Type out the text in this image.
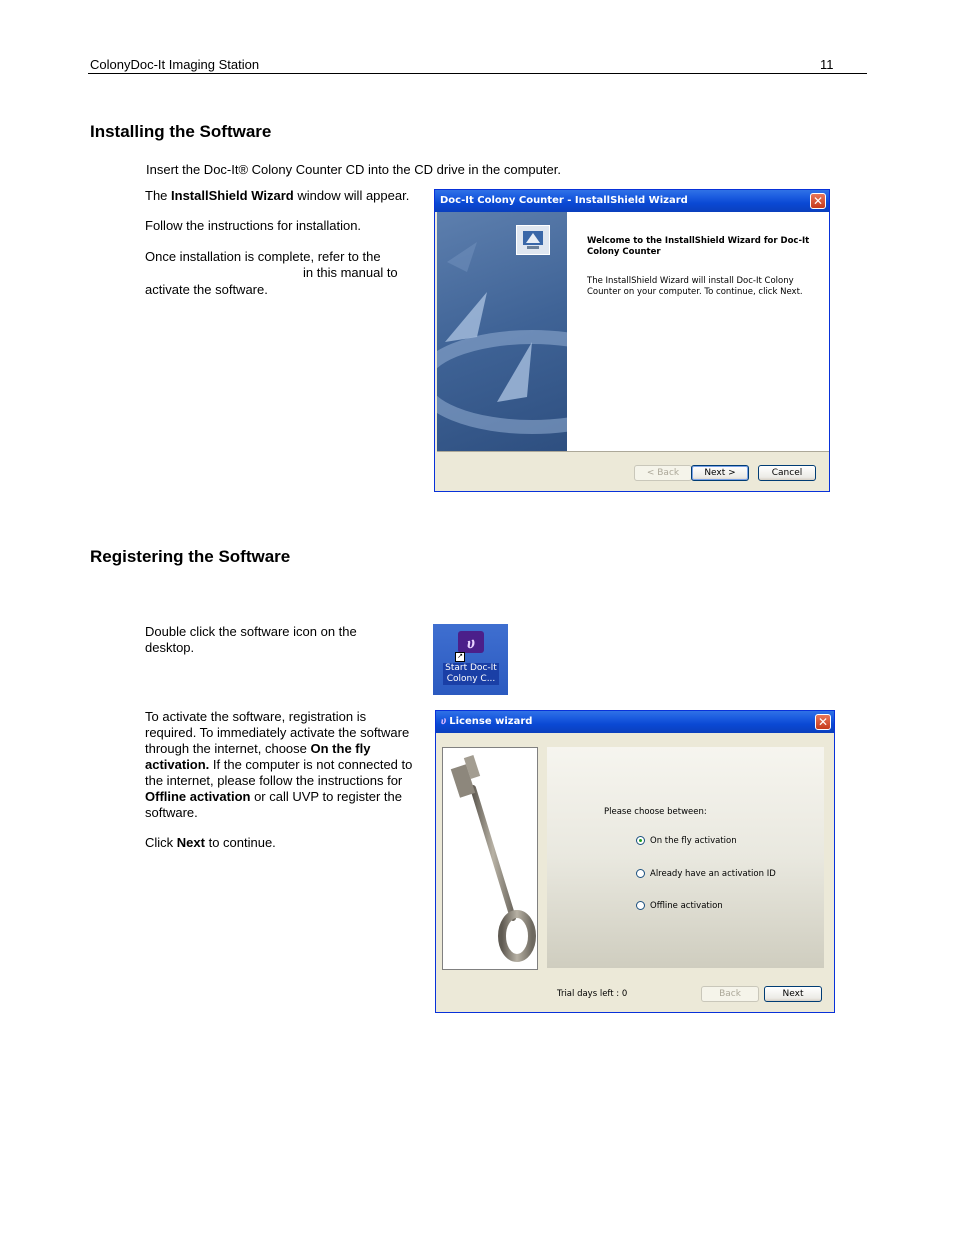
ColonyDoc-It Imaging Station	11
Installing the Software
Insert the Doc-It® Colony Counter CD into the CD drive in the computer.

The InstallShield Wizard window will appear.

Follow the instructions for installation.

Once installation is complete, refer to the
in this manual to
activate the software.

Doc-It Colony Counter - InstallShield Wizard	✕
Welcome to the InstallShield Wizard for Doc-It Colony Counter
The InstallShield Wizard will install Doc-It Colony Counter on your computer. To continue, click Next.
< Back	Next >	Cancel
Registering the Software
Double click the software icon on the desktop.	ሀ
↗
Start Doc-It
Colony C...

To activate the software, registration is required. To immediately activate the software through the internet, choose On the fly activation. If the computer is not connected to the internet, please follow the instructions for Offline activation or call UVP to register the software.

Click Next to continue.

ሀ License wizard	✕
Please choose between:
On the fly activation
Already have an activation ID
Offline activation
Trial days left : 0	Back	Next
